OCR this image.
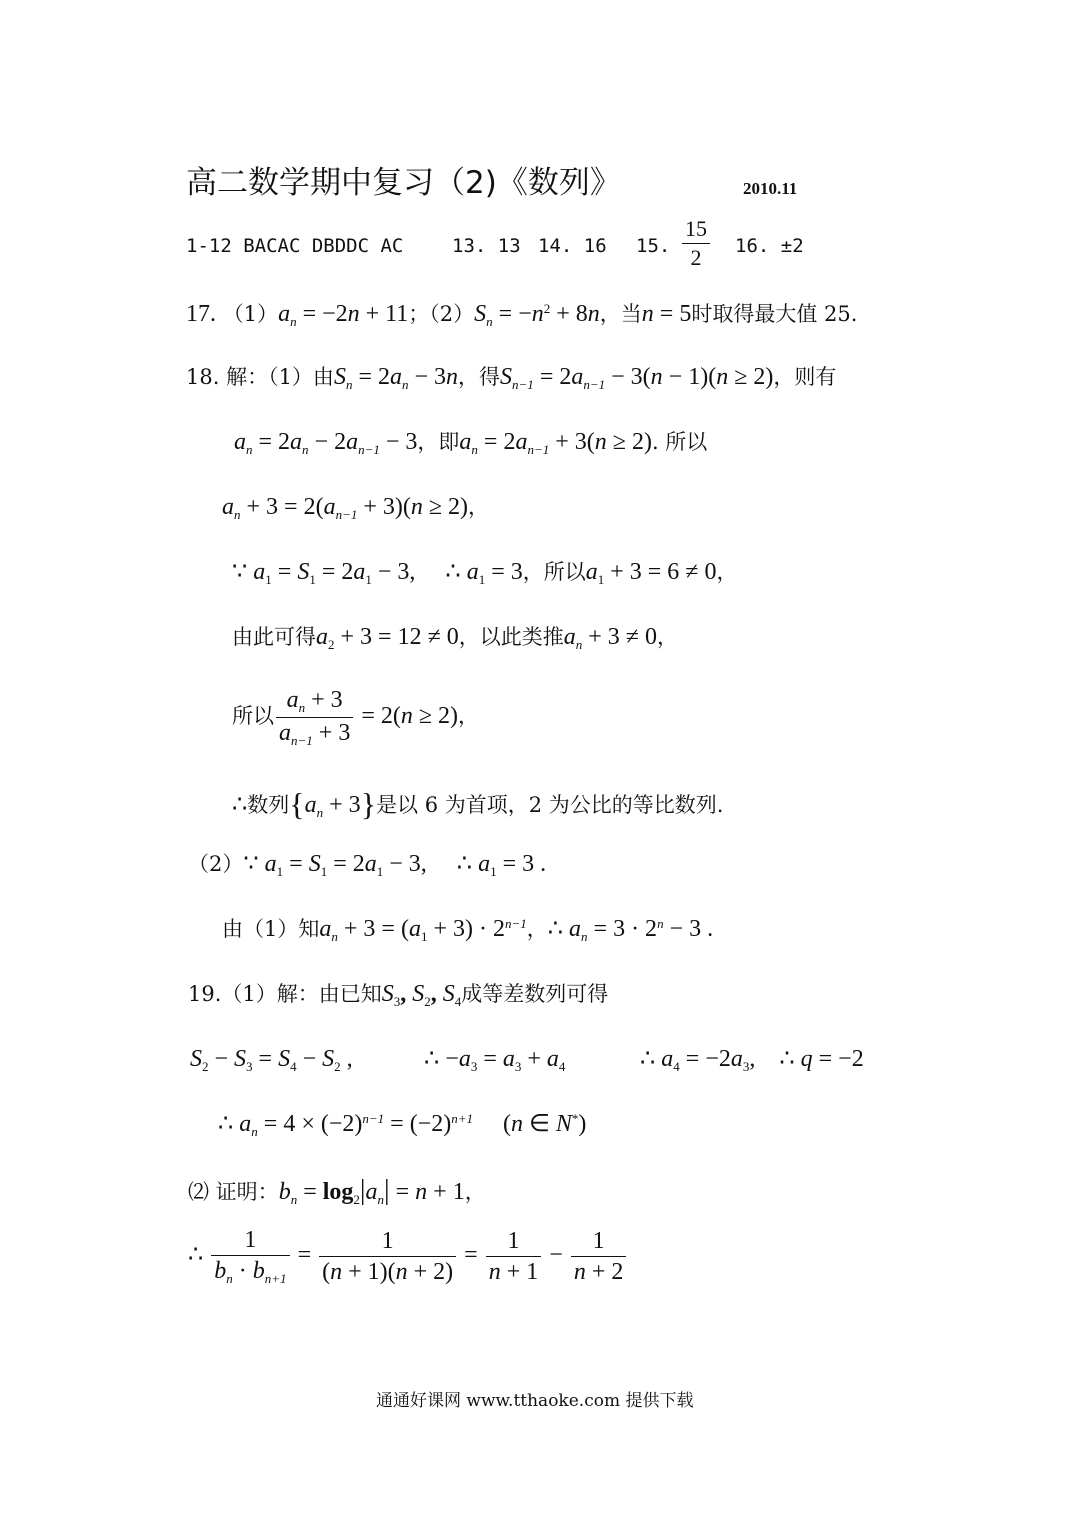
高二数学期中复习（2)《数列》	2010.11
1-12 BACAC DBDDC AC	13. 13 14. 16 15. $\frac{15}{2} 16$. ±2
17. $(1)a_n = -2n + 11$；$(2)S_n = -n^2 + 8n$，当n = 5时取得最大值 25.
18. 解：（1）由$S_n = 2a_n - 3n$，得$S_{n-1} = 2a_{n-1} - 3(n - 1)(n \ge 2)$，则有
$a_n = 2a_n - 2a_{n-1} - 3$，即$a_n = 2a_{n-1} + 3(n \ge 2)$. 所以
$a_n + 3 = 2(a_{n-1} + 3)(n \ge 2)$，
∵ $a_1 = S_1 = 2a_1 - 3$,     ∴ $a_1 = 3$，所以$a_1 + 3 = 6 \ne 0$，
由此可得$a_2 + 3 = 12 \ne 0$，以此类推$a_n + 3 \ne 0$，
所以 $\frac{a_n + 3}{a_{n-1} + 3} = 2(n \ge 2)$，
∴数列$\{a_n + 3\}$是以 6 为首项，2 为公比的等比数列.
（2）∵ $a_1 = S_1 = 2a_1 - 3$,     ∴ $a_1 = 3$ .
由（1）知$a_n + 3 = (a_1 + 3) \cdot 2^{n-1}$，∴ $a_n = 3 \cdot 2^n - 3$ .
19.（1）解：由已知$S_3$, $S_2$, $S_4$成等差数列可得
$S_2 - S_3 = S_4 - S_2$ ,	∴ $-a_3 = a_3 + a_4$	∴ $a_4 = -2a_3$,    ∴ q = −2
∴ $a_n = 4 \times (-2)^{n-1} = (-2)^{n+1}$     (n ∈ N*)
⑵ 证明：$b_n = \log_2|a_n| = n + 1$，
∴ $\frac{1}{b_n \cdot b_{n+1}} = \frac{1}{(n + 1)(n + 2)} = \frac{1}{n + 1} - \frac{1}{n + 2}$
通通好课网 www.tthaoke.com 提供下载
